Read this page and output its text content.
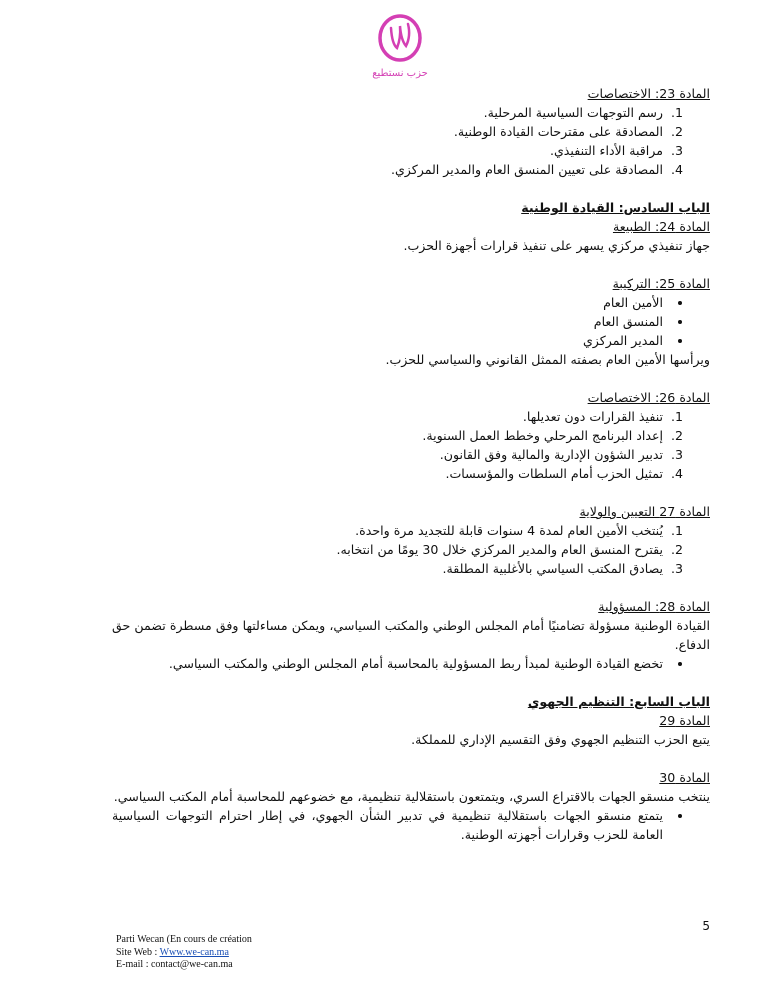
حزب نستطيع
المادة 23: الاختصاصات
1. رسم التوجهات السياسية المرحلية.
2. المصادقة على مقترحات القيادة الوطنية.
3. مراقبة الأداء التنفيذي.
4. المصادقة على تعيين المنسق العام والمدير المركزي.
الباب السادس: القيادة الوطنية
المادة 24: الطبيعة
جهاز تنفيذي مركزي يسهر على تنفيذ قرارات أجهزة الحزب.
المادة 25: التركيبة
• الأمين العام
• المنسق العام
• المدير المركزي
ويرأسها الأمين العام بصفته الممثل القانوني والسياسي للحزب.
المادة 26: الاختصاصات
1. تنفيذ القرارات دون تعديلها.
2. إعداد البرنامج المرحلي وخطط العمل السنوية.
3. تدبير الشؤون الإدارية والمالية وفق القانون.
4. تمثيل الحزب أمام السلطات والمؤسسات.
المادة 27 التعيين والولاية
1. يُنتخب الأمين العام لمدة 4 سنوات قابلة للتجديد مرة واحدة.
2. يقترح المنسق العام والمدير المركزي خلال 30 يومًا من انتخابه.
3. يصادق المكتب السياسي بالأغلبية المطلقة.
المادة 28: المسؤولية
القيادة الوطنية مسؤولة تضامنيًا أمام المجلس الوطني والمكتب السياسي، ويمكن مساءلتها وفق مسطرة تضمن حق الدفاع.
• تخضع القيادة الوطنية لمبدأ ربط المسؤولية بالمحاسبة أمام المجلس الوطني والمكتب السياسي.
الباب السابع: التنظيم الجهوي
المادة 29
يتبع الحزب التنظيم الجهوي وفق التقسيم الإداري للمملكة.
المادة 30
ينتخب منسقو الجهات بالاقتراع السري، ويتمتعون باستقلالية تنظيمية، مع خضوعهم للمحاسبة أمام المكتب السياسي.
• يتمتع منسقو الجهات باستقلالية تنظيمية في تدبير الشأن الجهوي، في إطار احترام التوجهات السياسية العامة للحزب وقرارات أجهزته الوطنية.
5
Parti Wecan (En cours de création
Site Web : Www.we-can.ma
E-mail : contact@we-can.ma
